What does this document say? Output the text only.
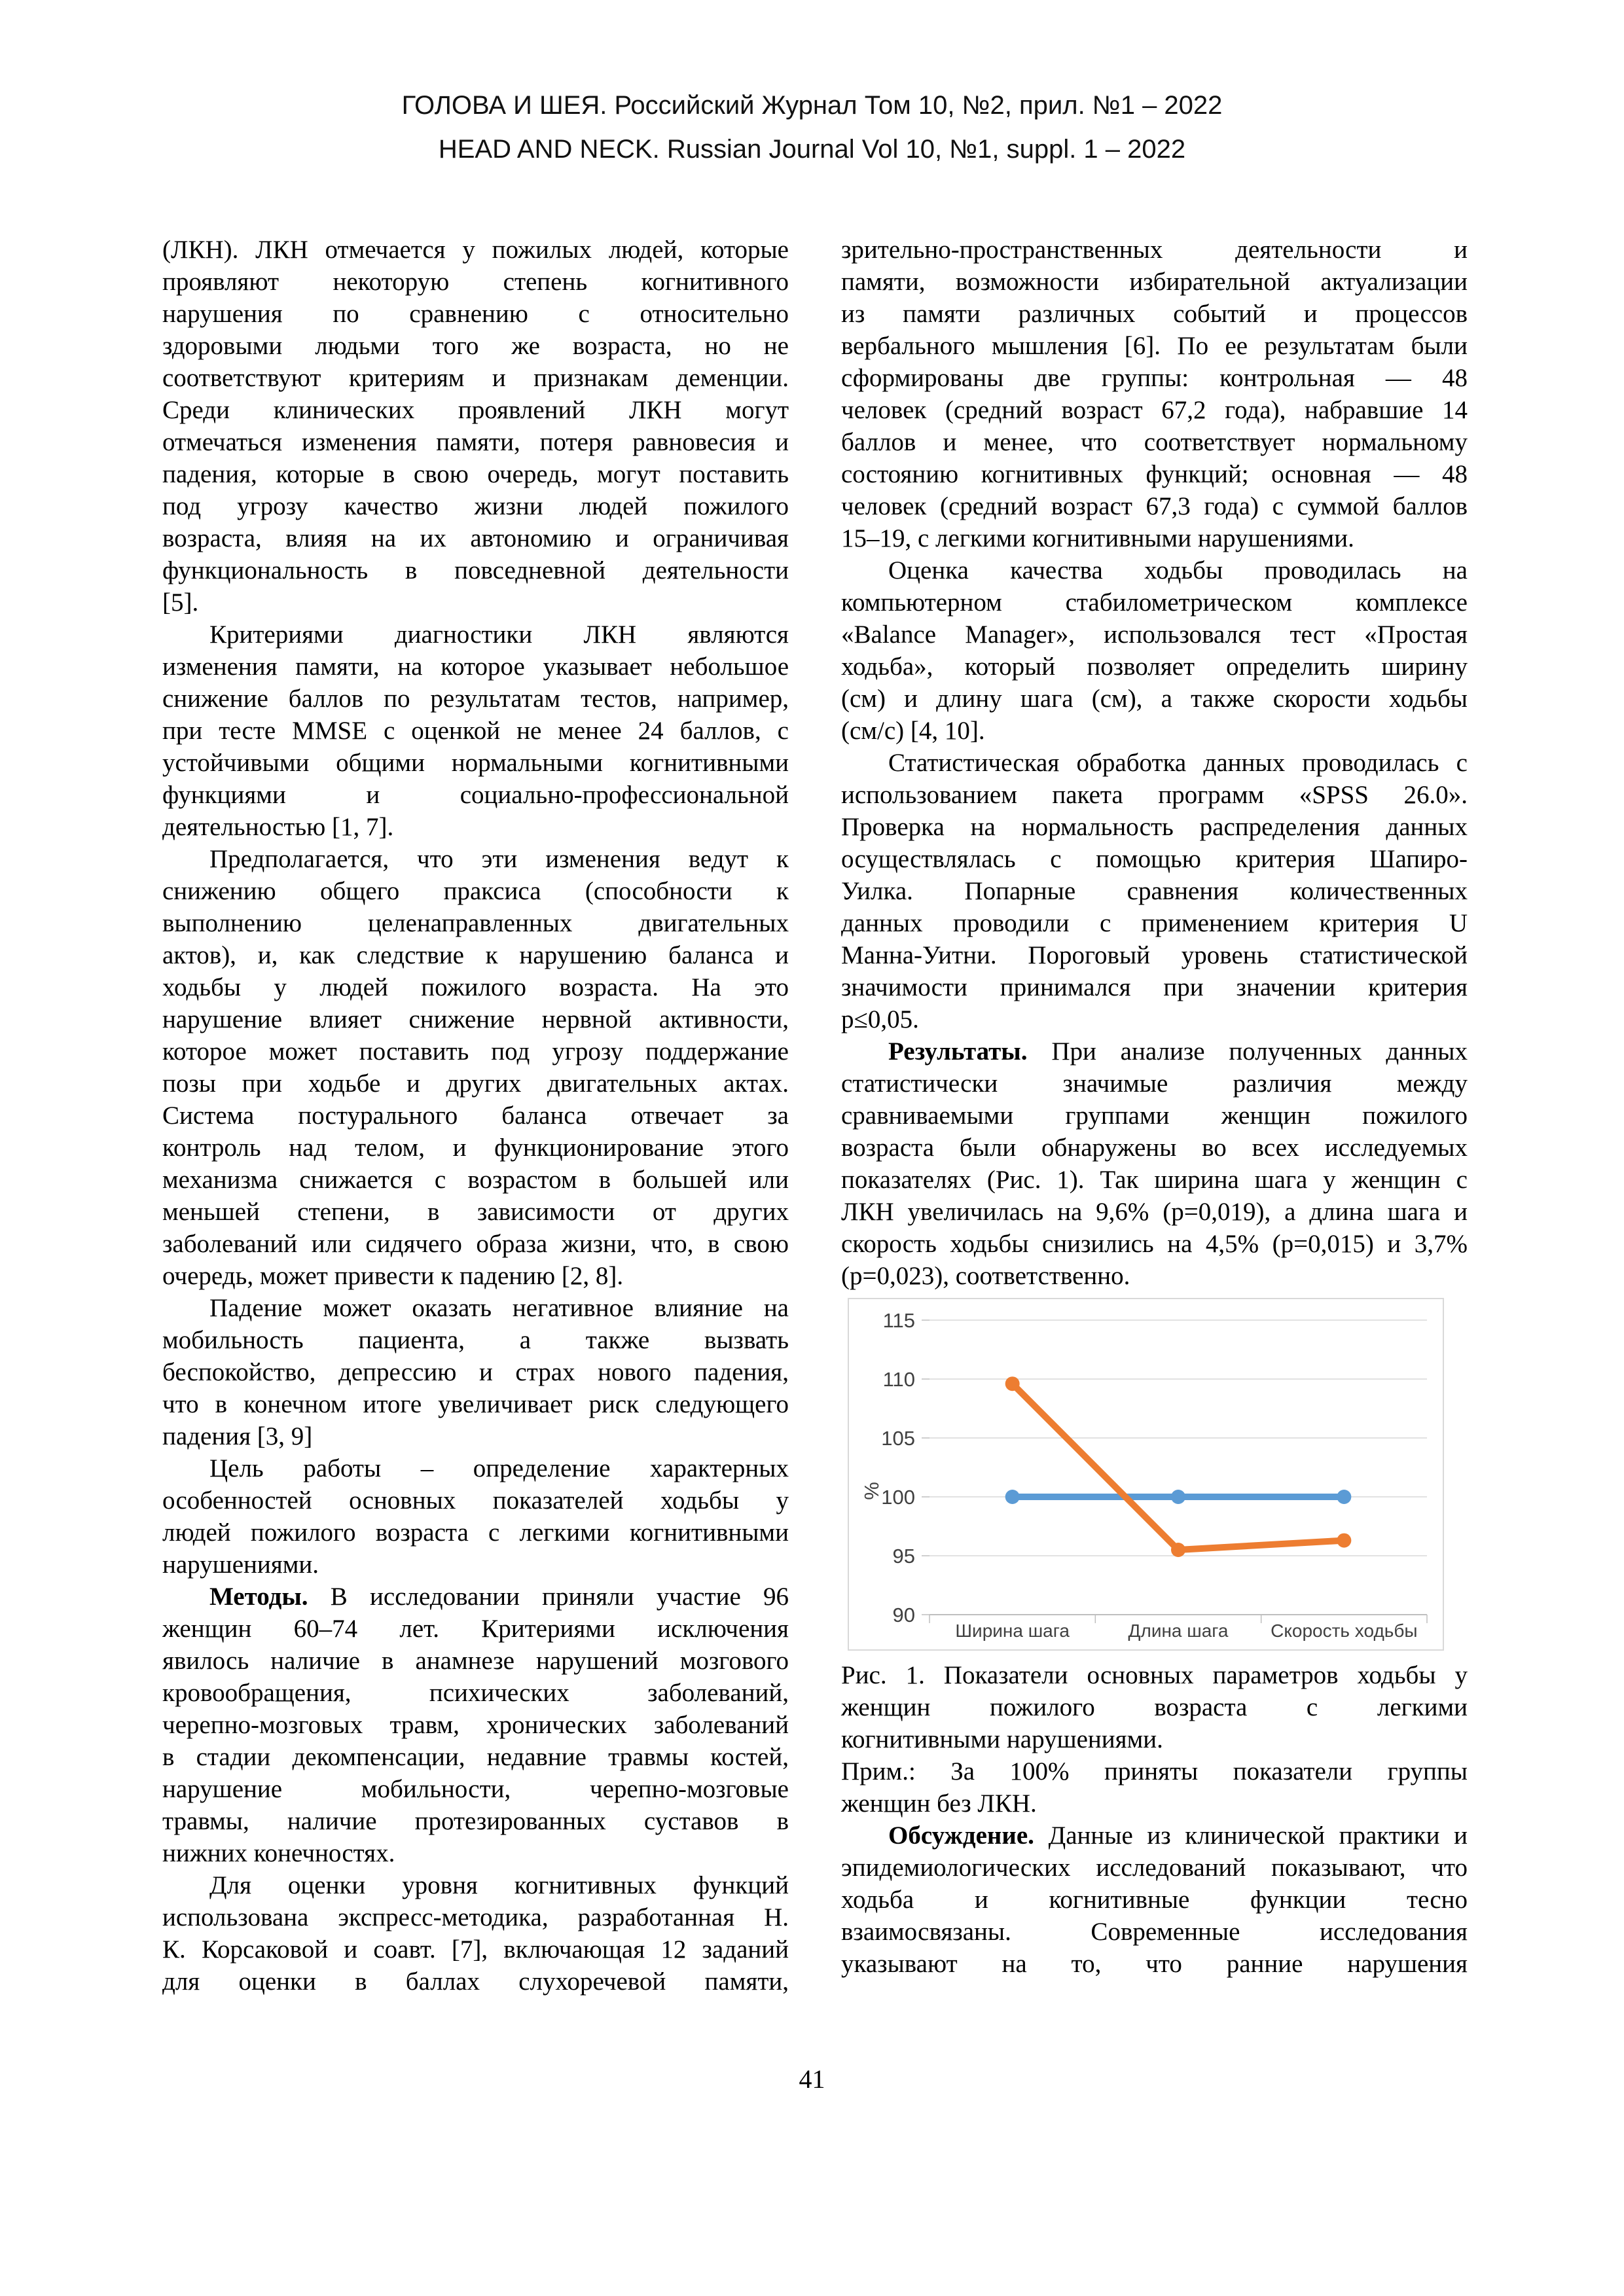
ГОЛОВА И ШЕЯ. Российский Журнал Том 10, №2, прил. №1 – 2022
HEAD AND NECK. Russian Journal Vol 10, №1, suppl. 1 – 2022
(ЛКН). ЛКН отмечается у пожилых людей, которые
проявляют некоторую степень когнитивного
нарушения по сравнению с относительно
здоровыми людьми того же возраста, но не
соответствуют критериям и признакам деменции.
Среди клинических проявлений ЛКН могут
отмечаться изменения памяти, потеря равновесия и
падения, которые в свою очередь, могут поставить
под угрозу качество жизни людей пожилого
возраста, влияя на их автономию и ограничивая
функциональность в повседневной деятельности
[5].
Критериями диагностики ЛКН являются
изменения памяти, на которое указывает небольшое
снижение баллов по результатам тестов, например,
при тесте MMSE с оценкой не менее 24 баллов, с
устойчивыми общими нормальными когнитивными
функциями и социально-профессиональной
деятельностью [1, 7].
Предполагается, что эти изменения ведут к
снижению общего праксиса (способности к
выполнению целенаправленных двигательных
актов), и, как следствие к нарушению баланса и
ходьбы у людей пожилого возраста. На это
нарушение влияет снижение нервной активности,
которое может поставить под угрозу поддержание
позы при ходьбе и других двигательных актах.
Система постурального баланса отвечает за
контроль над телом, и функционирование этого
механизма снижается с возрастом в большей или
меньшей степени, в зависимости от других
заболеваний или сидячего образа жизни, что, в свою
очередь, может привести к падению [2, 8].
Падение может оказать негативное влияние на
мобильность пациента, а также вызвать
беспокойство, депрессию и страх нового падения,
что в конечном итоге увеличивает риск следующего
падения [3, 9]
Цель работы – определение характерных
особенностей основных показателей ходьбы у
людей пожилого возраста с легкими когнитивными
нарушениями.
Методы. В исследовании приняли участие 96
женщин 60–74 лет. Критериями исключения
явилось наличие в анамнезе нарушений мозгового
кровообращения, психических заболеваний,
черепно-мозговых травм, хронических заболеваний
в стадии декомпенсации, недавние травмы костей,
нарушение мобильности, черепно-мозговые
травмы, наличие протезированных суставов в
нижних конечностях.
Для оценки уровня когнитивных функций
использована экспресс-методика, разработанная Н.
К. Корсаковой и соавт. [7], включающая 12 заданий
для оценки в баллах слухоречевой памяти,
зрительно-пространственных деятельности и
памяти, возможности избирательной актуализации
из памяти различных событий и процессов
вербального мышления [6]. По ее результатам были
сформированы две группы: контрольная — 48
человек (средний возраст 67,2 года), набравшие 14
баллов и менее, что соответствует нормальному
состоянию когнитивных функций; основная — 48
человек (средний возраст 67,3 года) с суммой баллов
15–19, с легкими когнитивными нарушениями.
Оценка качества ходьбы проводилась на
компьютерном стабилометрическом комплексе
«Balance Manager», использовался тест «Простая
ходьба», который позволяет определить ширину
(см) и длину шага (см), а также скорости ходьбы
(см/с) [4, 10].
Статистическая обработка данных проводилась с
использованием пакета программ «SPSS 26.0».
Проверка на нормальность распределения данных
осуществлялась с помощью критерия Шапиро-
Уилка. Попарные сравнения количественных
данных проводили с применением критерия U
Манна-Уитни. Пороговый уровень статистической
значимости принимался при значении критерия
р≤0,05.
Результаты. При анализе полученных данных
статистически значимые различия между
сравниваемыми группами женщин пожилого
возраста были обнаружены во всех исследуемых
показателях (Рис. 1). Так ширина шага у женщин с
ЛКН увеличилась на 9,6% (р=0,019), а длина шага и
скорость ходьбы снизились на 4,5% (р=0,015) и 3,7%
(р=0,023), соответственно.
90
95
100
105
110
115
Ширина шага	Длина шага Скорость ходьбы
%
Рис. 1. Показатели основных параметров ходьбы у
женщин пожилого возраста с легкими
когнитивными нарушениями.
Прим.: За 100% приняты показатели группы
женщин без ЛКН.
Обсуждение. Данные из клинической практики и
эпидемиологических исследований показывают, что
ходьба и когнитивные функции тесно
взаимосвязаны. Современные исследования
указывают на то, что ранние нарушения
41
